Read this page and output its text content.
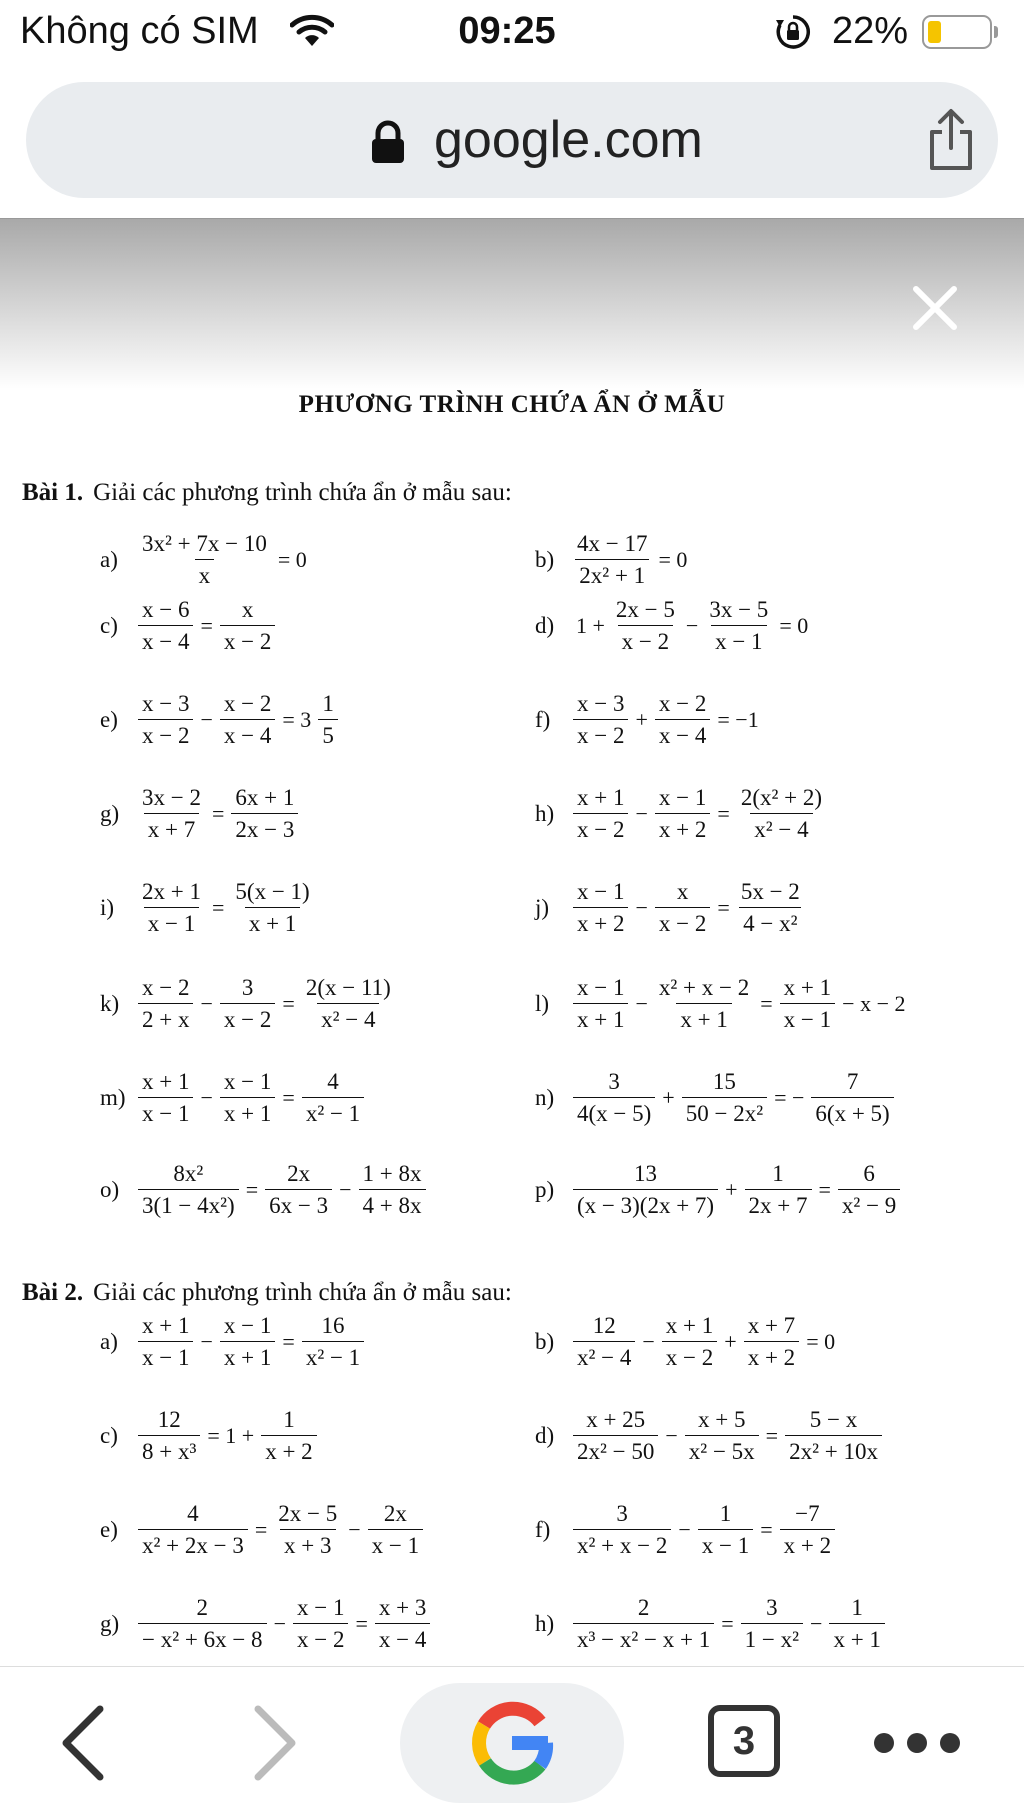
Không có SIM	09:25	22%
google.com
PHƯƠNG TRÌNH CHỨA ẨN Ở MẪU
Bài 1. Giải các phương trình chứa ẩn ở mẫu sau:
$a) \frac{\text{3x² + 7x − 10}}{x} = 0$	$b) \frac{4x - 17}{\text{2x² + 1}} = 0$
$c) \frac{x - 6}{x - 4} = \frac{x}{x - 2}$	d) $1 + \frac{2x - 5}{x - 2} - \frac{3x - 5}{x - 1} = 0$
$e) \frac{x - 3}{x - 2} - \frac{x - 2}{x - 4} = 3 \frac{1}{5}$	$f) \frac{x - 3}{x - 2} + \frac{x - 2}{x - 4} = -1$
$g) \frac{3x - 2}{x + 7} = \frac{6x + 1}{2x - 3}$	$h) \frac{x + 1}{x - 2} - \frac{x - 1}{x + 2} = \frac{\text{2(x² + 2)}}{\text{x² − 4}}$
i)	$\frac{2x + 1}{x - 1} = \frac{5(x - 1)}{x + 1}$	j)	$\frac{x - 1}{x + 2} - \frac{x}{x - 2} = \frac{5x - 2}{\text{4 − x²}}$
$k) \frac{x - 2}{2 + x} - \frac{3}{x - 2} = \frac{2(x - 11)}{\text{x² − 4}}$	l)	$\frac{x - 1}{x + 1} - \frac{\text{x² + x − 2}}{x + 1} = \frac{x + 1}{x - 1} - x - 2$
$m) \frac{x + 1}{x - 1} - \frac{x - 1}{x + 1} = \frac{4}{\text{x² − 1}}$	$n) \frac{3}{4(x - 5)} + \frac{15}{\text{50 − 2x²}}$ = − $\frac{7}{6(x + 5)}$
$o) \frac{\text{8x²}}{\text{3(1 − 4x²)}} = \frac{2x}{6x - 3} - \frac{1 + 8x}{4 + 8x}$	$p) \frac{13}{(x - 3)(2x + 7)} + \frac{1}{2x + 7} = \frac{6}{\text{x² − 9}}$
Bài 2. Giải các phương trình chứa ẩn ở mẫu sau:
$a) \frac{x + 1}{x - 1} - \frac{x - 1}{x + 1} = \frac{16}{\text{x² − 1}}$	$b) \frac{12}{\text{x² − 4}} - \frac{x + 1}{x - 2} + \frac{x + 7}{x + 2} = 0$
$c) \frac{12}{\text{8 + x³}} = 1 + \frac{1}{x + 2}$	$d) \frac{x + 25}{\text{2x² − 50}} - \frac{x + 5}{\text{x² − 5x}} = \frac{5 - x}{\text{2x² + 10x}}$
$e) \frac{4}{\text{x² + 2x − 3}} = \frac{2x - 5}{x + 3} - \frac{2x}{x - 1}$	$f) \frac{3}{\text{x² + x − 2}} - \frac{1}{x - 1} = \frac{-7}{x + 2}$
$g) \frac{2}{\text{− x² + 6x − 8}} - \frac{x - 1}{x - 2} = \frac{x + 3}{x - 4}$	$h) \frac{2}{\text{x³ − x² − x + 1}} = \frac{3}{\text{1 − x²}} - \frac{1}{x + 1}$
3
